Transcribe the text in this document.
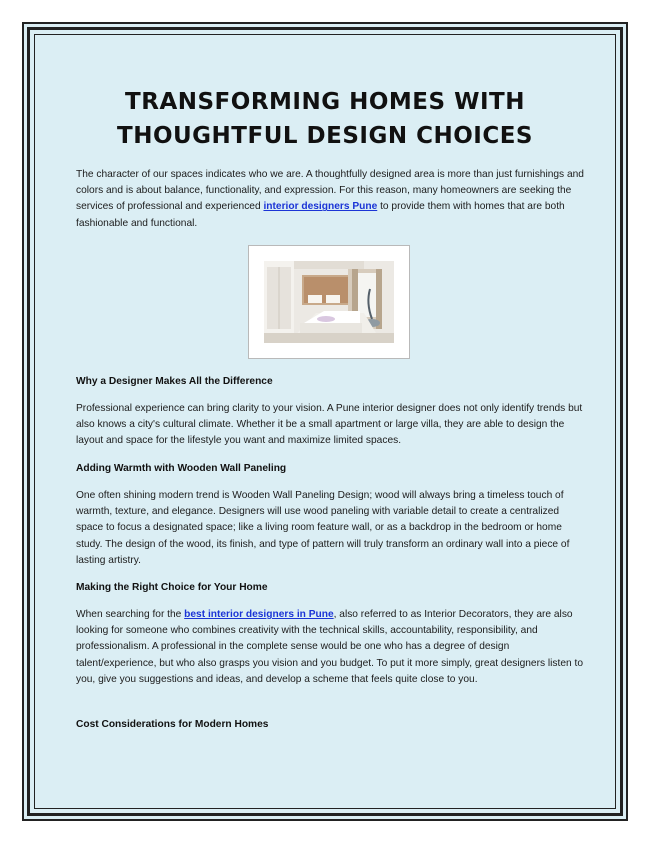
TRANSFORMING HOMES WITH
THOUGHTFUL DESIGN CHOICES

The character of our spaces indicates who we are. A thoughtfully designed area is more than just furnishings and colors and is about balance, functionality, and expression. For this reason, many homeowners are seeking the services of professional and experienced interior designers Pune to provide them with homes that are both fashionable and functional.

Why a Designer Makes All the Difference

Professional experience can bring clarity to your vision. A Pune interior designer does not only identify trends but also knows a city's cultural climate. Whether it be a small apartment or large villa, they are able to design the layout and space for the lifestyle you want and maximize limited spaces.

Adding Warmth with Wooden Wall Paneling

One often shining modern trend is Wooden Wall Paneling Design; wood will always bring a timeless touch of warmth, texture, and elegance. Designers will use wood paneling with variable detail to create a centralized space to focus a designated space; like a living room feature wall, or as a backdrop in the bedroom or home study. The design of the wood, its finish, and type of pattern will truly transform an ordinary wall into a piece of lasting artistry.

Making the Right Choice for Your Home

When searching for the best interior designers in Pune, also referred to as Interior Decorators, they are also looking for someone who combines creativity with the technical skills, accountability, responsibility, and professionalism. A professional in the complete sense would be one who has a degree of design talent/experience, but who also grasps you vision and you budget. To put it more simply, great designers listen to you, give you suggestions and ideas, and develop a scheme that feels quite close to you.

Cost Considerations for Modern Homes
